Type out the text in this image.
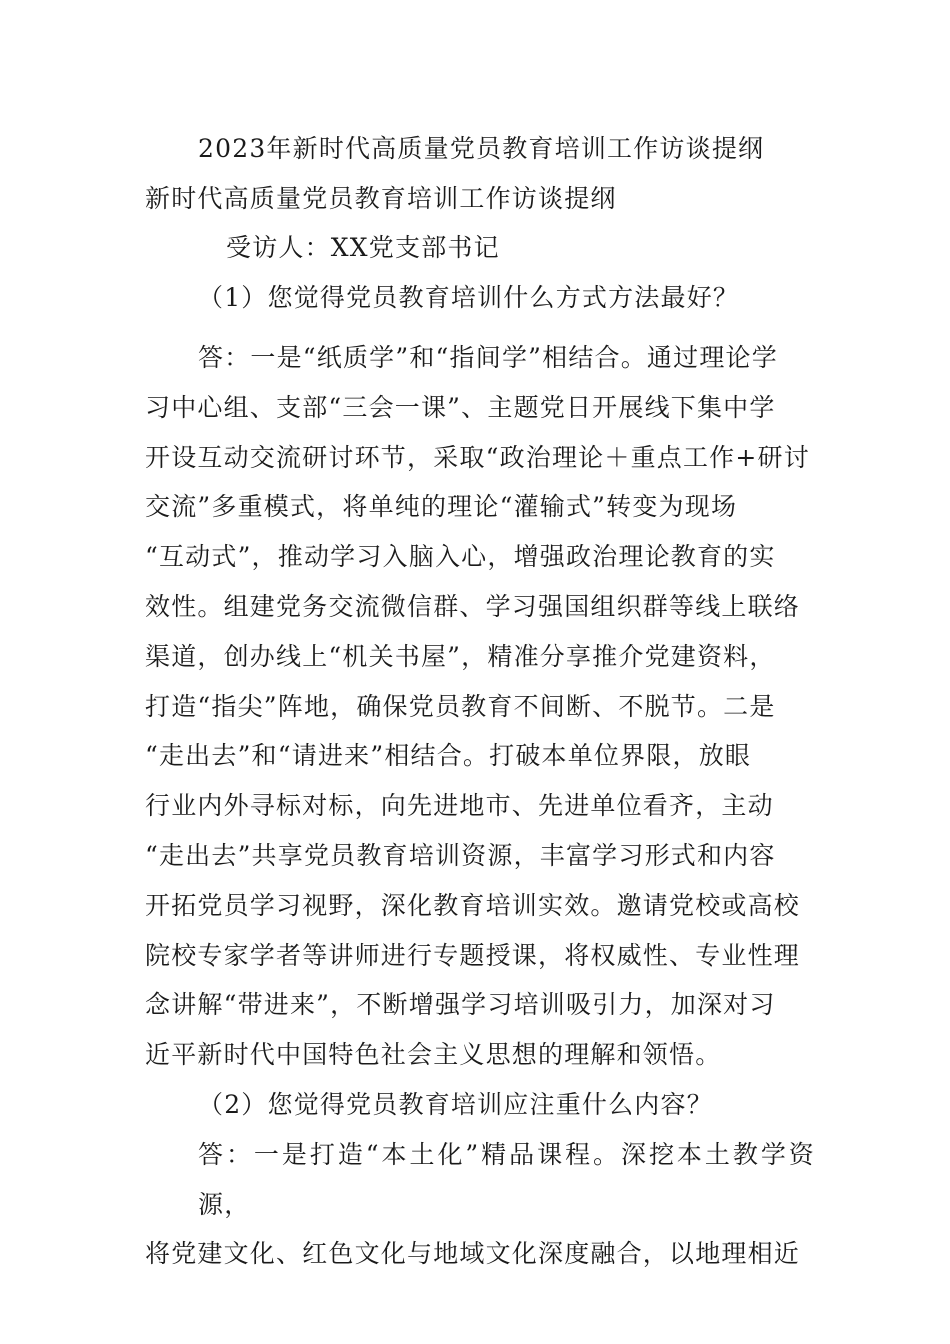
2023年新时代高质量党员教育培训工作访谈提纲
新时代高质量党员教育培训工作访谈提纲
受访人：XX党支部书记
（1）您觉得党员教育培训什么方式方法最好？

答：一是“纸质学”和“指间学”相结合。通过理论学

习中心组、支部“三会一课”、主题党日开展线下集中学

开设互动交流研讨环节，采取“政治理论＋重点工作+研讨

交流”多重模式，将单纯的理论“灌输式”转变为现场

“互动式”，推动学习入脑入心，增强政治理论教育的实

效性。组建党务交流微信群、学习强国组织群等线上联络

渠道，创办线上“机关书屋”，精准分享推介党建资料，

打造“指尖”阵地，确保党员教育不间断、不脱节。二是

“走出去”和“请进来”相结合。打破本单位界限，放眼

行业内外寻标对标，向先进地市、先进单位看齐，主动

“走出去”共享党员教育培训资源，丰富学习形式和内容

开拓党员学习视野，深化教育培训实效。邀请党校或高校

院校专家学者等讲师进行专题授课，将权威性、专业性理

念讲解“带进来”，不断增强学习培训吸引力，加深对习

近平新时代中国特色社会主义思想的理解和领悟。

（2）您觉得党员教育培训应注重什么内容？

答：一是打造“本土化”精品课程。深挖本土教学资源，

将党建文化、红色文化与地域文化深度融合，以地理相近
